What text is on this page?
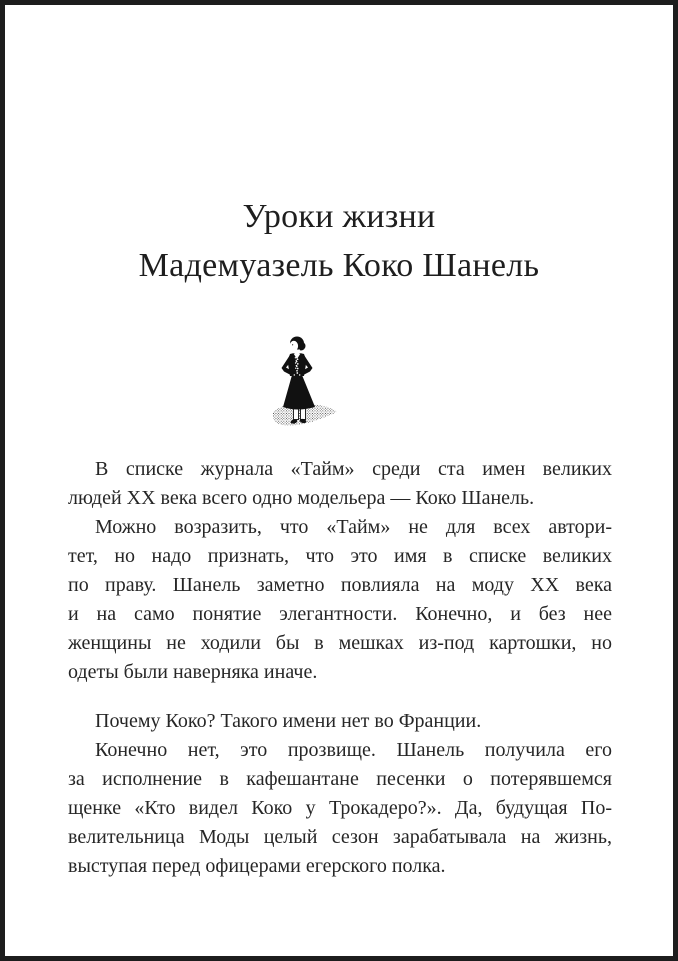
Уроки жизни
Мадемуазель Коко Шанель
В списке журнала «Тайм» среди ста имен великих
людей XX века всего одно модельера — Коко Шанель.
Можно возразить, что «Тайм» не для всех автори-
тет, но надо признать, что это имя в списке великих
по праву. Шанель заметно повлияла на моду XX века
и на само понятие элегантности. Конечно, и без нее
женщины не ходили бы в мешках из-под картошки, но
одеты были наверняка иначе.
Почему Коко? Такого имени нет во Франции.
Конечно нет, это прозвище. Шанель получила его
за исполнение в кафешантане песенки о потерявшемся
щенке «Кто видел Коко у Трокадеро?». Да, будущая По-
велительница Моды целый сезон зарабатывала на жизнь,
выступая перед офицерами егерского полка.
